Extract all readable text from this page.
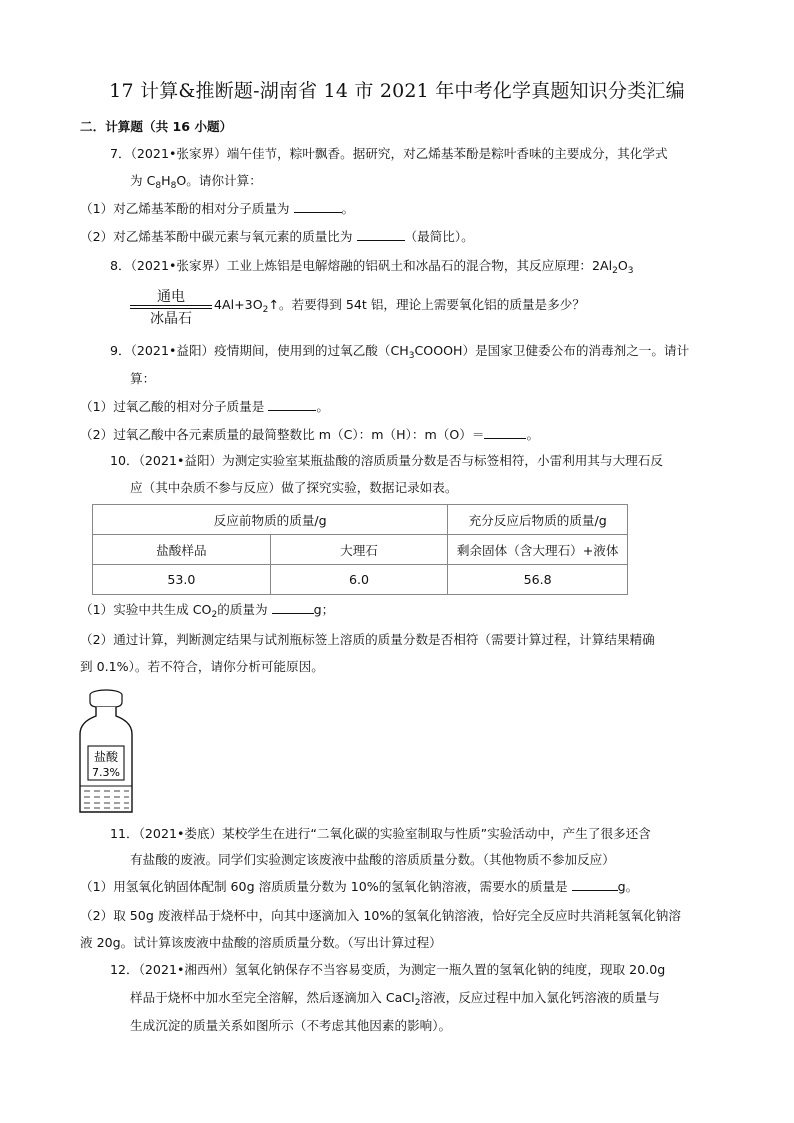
17 计算&推断题-湖南省 14 市 2021 年中考化学真题知识分类汇编
二．计算题（共 16 小题）
7．（2021•张家界）端午佳节，粽叶飘香。据研究，对乙烯基苯酚是粽叶香味的主要成分，其化学式
为 $C_8H_8O$。请你计算：
（1）对乙烯基苯酚的相对分子质量为	。
（2）对乙烯基苯酚中碳元素与氧元素的质量比为	（最简比）。
8．（2021•张家界）工业上炼铝是电解熔融的铝矾土和冰晶石的混合物，其反应原理：$2Al_2O_3$
通电
冰晶石
$4Al+3O_2↑$。若要得到 54t 铝，理论上需要氧化铝的质量是多少？
9．（2021•益阳）疫情期间，使用到的过氧乙酸$(CH_3COOOH)$是国家卫健委公布的消毒剂之一。请计
算：
（1）过氧乙酸的相对分子质量是	。
（2）过氧乙酸中各元素质量的最简整数比 m（C）：m（H）：m（O）＝	。
10．（2021•益阳）为测定实验室某瓶盐酸的溶质质量分数是否与标签相符，小雷利用其与大理石反
应（其中杂质不参与反应）做了探究实验，数据记录如表。
反应前物质的质量/g		充分反应后物质的质量/g
盐酸样品	大理石	剩余固体（含大理石）+液体
53.0	6.0	56.8
（1）实验中共生成 $CO_2$的质量为	g；
（2）通过计算，判断测定结果与试剂瓶标签上溶质的质量分数是否相符（需要计算过程，计算结果精确
到 0.1%）。若不符合，请你分析可能原因。
盐酸
7.3%
11．（2021•娄底）某校学生在进行“二氧化碳的实验室制取与性质”实验活动中，产生了很多还含
有盐酸的废液。同学们实验测定该废液中盐酸的溶质质量分数。（其他物质不参加反应）
（1）用氢氧化钠固体配制 60g 溶质质量分数为 10%的氢氧化钠溶液，需要水的质量是	g。
（2）取 50g 废液样品于烧杯中，向其中逐滴加入 10%的氢氧化钠溶液，恰好完全反应时共消耗氢氧化钠溶
液 20g。试计算该废液中盐酸的溶质质量分数。（写出计算过程）
12．（2021•湘西州）氢氧化钠保存不当容易变质，为测定一瓶久置的氢氧化钠的纯度，现取 20.0g
样品于烧杯中加水至完全溶解，然后逐滴加入 CaCl$_2$溶液，反应过程中加入氯化钙溶液的质量与
生成沉淀的质量关系如图所示（不考虑其他因素的影响）。
